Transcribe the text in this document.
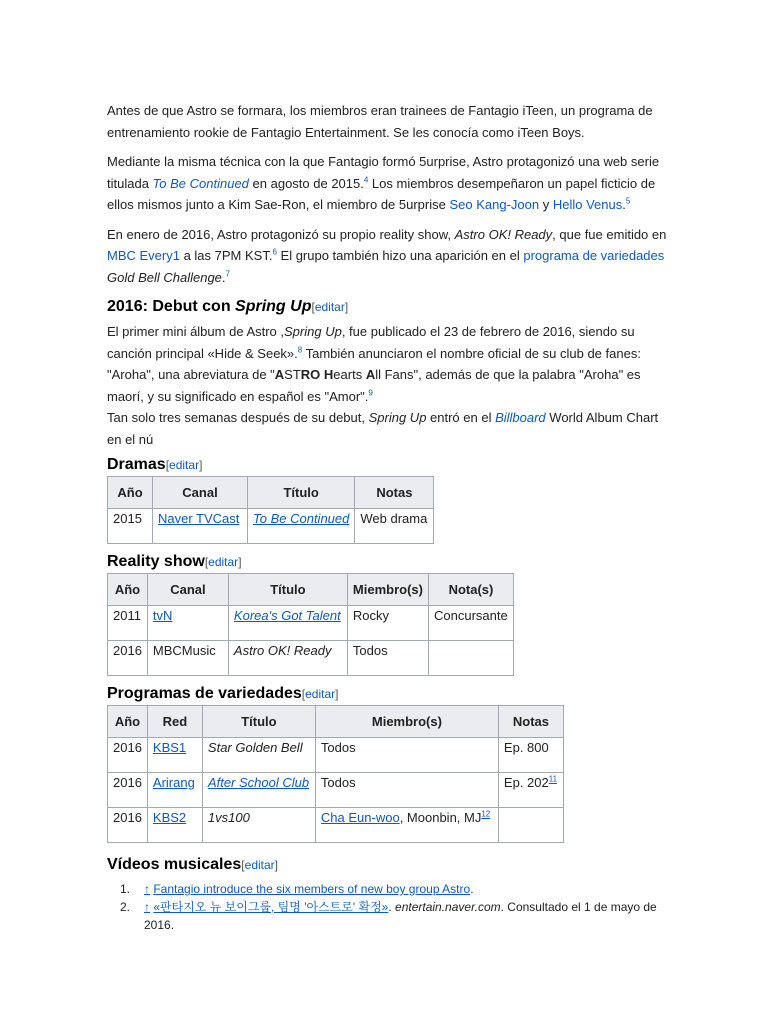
Antes de que Astro se formara, los miembros eran trainees de Fantagio iTeen, un programa de entrenamiento rookie de Fantagio Entertainment. Se les conocía como iTeen Boys.

Mediante la misma técnica con la que Fantagio formó 5urprise, Astro protagonizó una web serie titulada To Be Continued en agosto de 2015.$^4$ Los miembros desempeñaron un papel ficticio de ellos mismos junto a Kim Sae-Ron, el miembro de 5urprise Seo Kang-Joon y Hello Venus.$^5$

En enero de 2016, Astro protagonizó su propio reality show, Astro OK! Ready, que fue emitido en MBC Every1 a las 7PM KST.$^6$ El grupo también hizo una aparición en el programa de variedades Gold Bell Challenge.$^7$

2016: Debut con Spring Up[editar]

El primer mini álbum de Astro ,Spring Up, fue publicado el 23 de febrero de 2016, siendo su canción principal «Hide & Seek».$^8$ También anunciaron el nombre oficial de su club de fanes: "Aroha", una abreviatura de "ASTRO Hearts All Fans", además de que la palabra "Aroha" es maorí, y su significado en español es "Amor".$^9$

Tan solo tres semanas después de su debut, Spring Up entró en el Billboard World Album Chart en el nú

Dramas[editar]
Año	Canal	Título	Notas
2015	Naver TVCast	To Be Continued	Web drama
Reality show[editar]
Año	Canal	Título	Miembro(s)	Nota(s)
2011	tvN	Korea's Got Talent	Rocky	Concursante
2016	MBCMusic	Astro OK! Ready	Todos	
Programas de variedades[editar]
Año	Red	Título	Miembro(s)	Notas
2016	KBS1	Star Golden Bell	Todos	Ep. 800
2016	Arirang	After School Club	Todos	Ep. $202^{11}$
2016	KBS2	1vs100	Cha Eun-woo, Moonbin, MJ$^{12}$	
Vídeos musicales[editar]
1. ↑ Fantagio introduce the six members of new boy group Astro.
2. ↑ «판타지오 뉴 보이그룹, 팀명 '아스트로' 확정». entertain.naver.com. Consultado el 1 de mayo de 2016.
